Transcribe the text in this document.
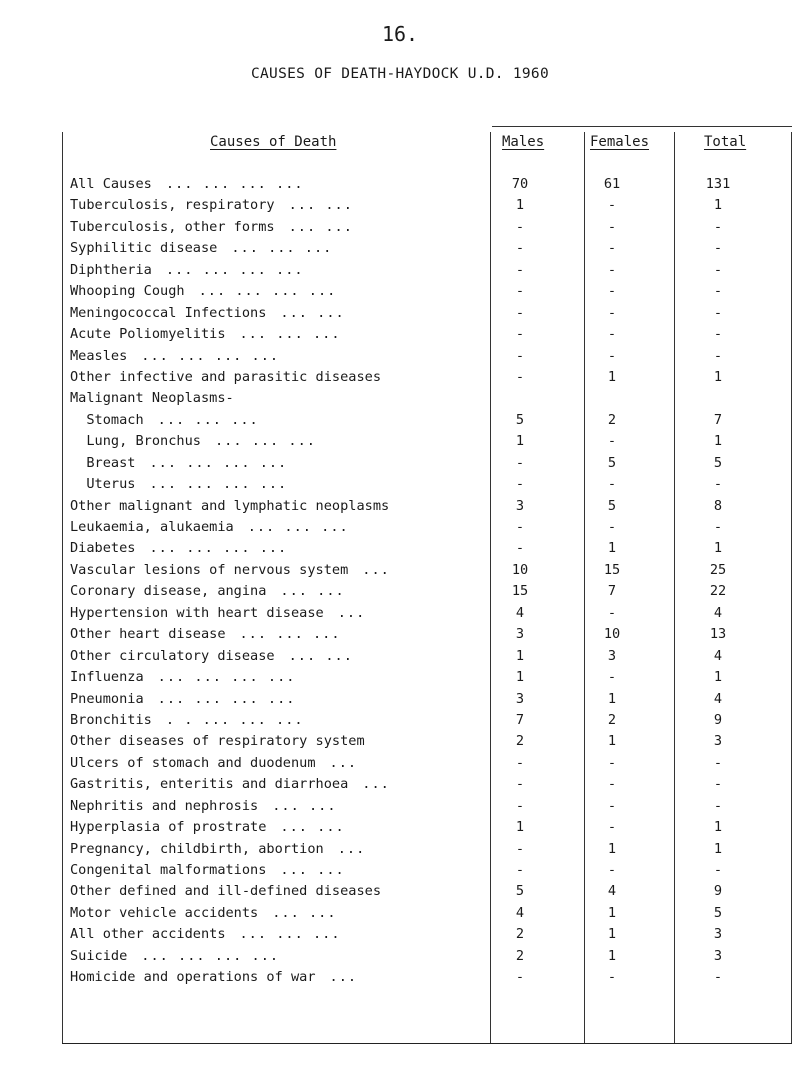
16.
CAUSES OF DEATH-HAYDOCK U.D. 1960
Causes of Death	Males	Females	Total
All Causes ... ... ... ...	70	61	131
Tuberculosis, respiratory ... ...	1	-	1
Tuberculosis, other forms ... ...	-	-	-
Syphilitic disease ... ... ...	-	-	-
Diphtheria ... ... ... ...	-	-	-
Whooping Cough ... ... ... ...	-	-	-
Meningococcal Infections ... ...	-	-	-
Acute Poliomyelitis ... ... ...	-	-	-
Measles ... ... ... ...	-	-	-
Other infective and parasitic diseases	-	1	1
Malignant Neoplasms-
Stomach ... ... ...	5	2	7
Lung, Bronchus ... ... ...	1	-	1
Breast ... ... ... ...	-	5	5
Uterus ... ... ... ...	-	-	-
Other malignant and lymphatic neoplasms	3	5	8
Leukaemia, alukaemia ... ... ...	-	-	-
Diabetes ... ... ... ...	-	1	1
Vascular lesions of nervous system ...	10	15	25
Coronary disease, angina ... ...	15	7	22
Hypertension with heart disease ...	4	-	4
Other heart disease ... ... ...	3	10	13
Other circulatory disease ... ...	1	3	4
Influenza ... ... ... ...	1	-	1
Pneumonia ... ... ... ...	3	1	4
Bronchitis . . ... ... ...	7	2	9
Other diseases of respiratory system	2	1	3
Ulcers of stomach and duodenum ...	-	-	-
Gastritis, enteritis and diarrhoea ...	-	-	-
Nephritis and nephrosis ... ...	-	-	-
Hyperplasia of prostrate ... ...	1	-	1
Pregnancy, childbirth, abortion ...	-	1	1
Congenital malformations ... ...	-	-	-
Other defined and ill-defined diseases	5	4	9
Motor vehicle accidents ... ...	4	1	5
All other accidents ... ... ...	2	1	3
Suicide ... ... ... ...	2	1	3
Homicide and operations of war ...	-	-	-
